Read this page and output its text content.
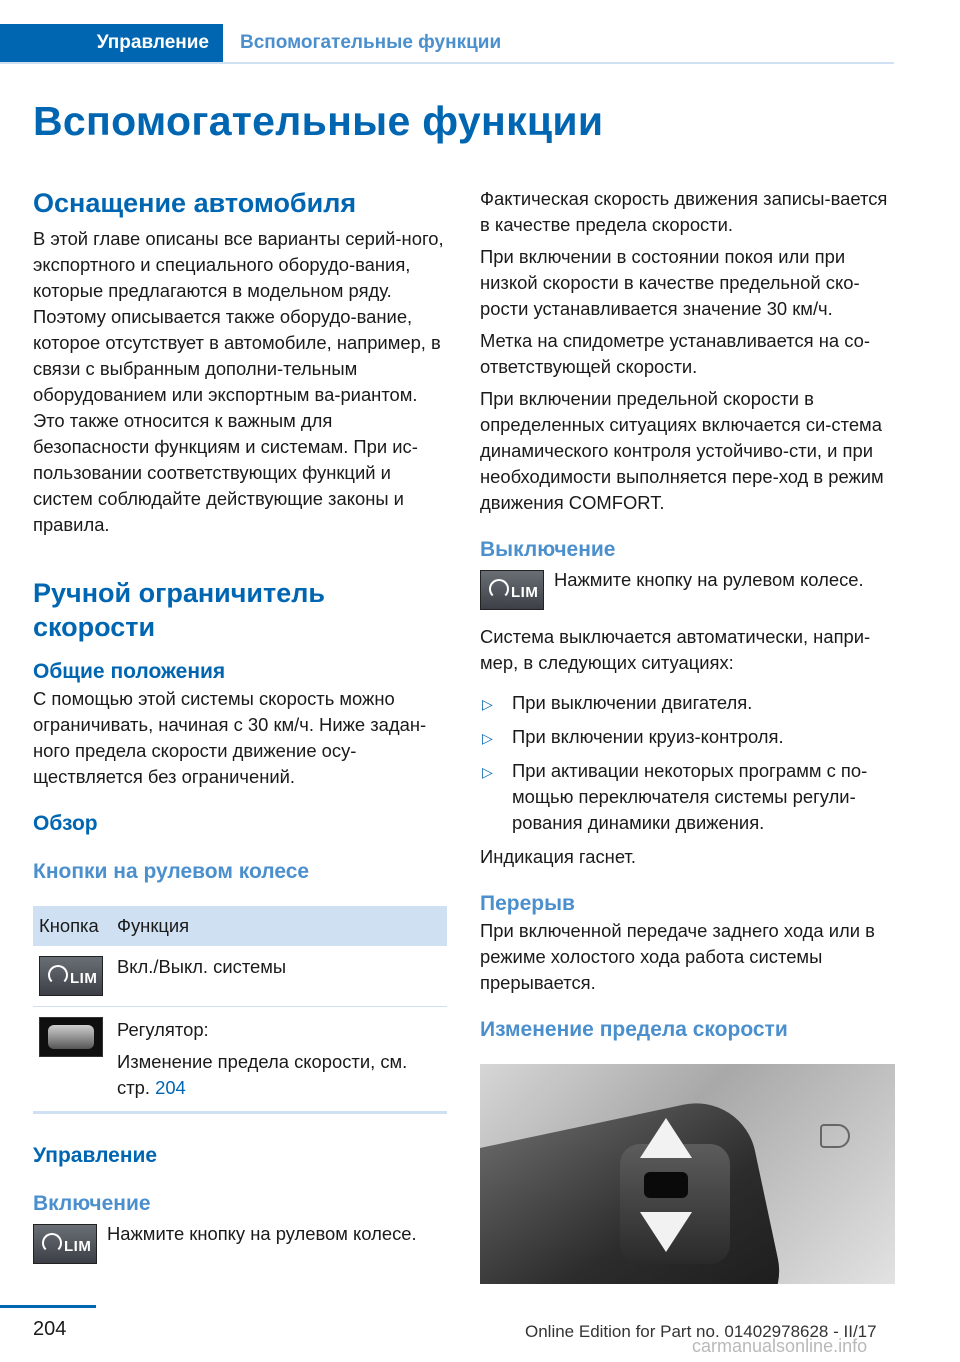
Управление	Вспомогательные функции
Вспомогательные функции
Оснащение автомобиля

В этой главе описаны все варианты серий-ного, экспортного и специального оборудо-вания, которые предлагаются в модельном ряду. Поэтому описывается также оборудо-вание, которое отсутствует в автомобиле, например, в связи с выбранным дополни-тельным оборудованием или экспортным ва-риантом. Это также относится к важным для безопасности функциям и системам. При ис-пользовании соответствующих функций и систем соблюдайте действующие законы и правила.

Ручной ограничитель скорости
Общие положения

С помощью этой системы скорость можно ограничивать, начиная с 30 км/ч. Ниже задан-ного предела скорости движение осу-ществляется без ограничений.

Обзор
Кнопки на рулевом колесе
Кнопка	Функция

LIM	Вкл./Выкл. системы

	Регулятор:

Изменение предела скорости, см. стр. 204

Управление
Включение
LIM

Нажмите кнопку на рулевом колесе.

Фактическая скорость движения записы-вается в качестве предела скорости.

При включении в состоянии покоя или при низкой скорости в качестве предельной ско-рости устанавливается значение 30 км/ч.

Метка на спидометре устанавливается на со-ответствующей скорости.

При включении предельной скорости в определенных ситуациях включается си-стема динамического контроля устойчиво-сти, и при необходимости выполняется пере-ход в режим движения COMFORT.

Выключение
LIM

Нажмите кнопку на рулевом колесе.

Система выключается автоматически, напри-мер, в следующих ситуациях:

▷ При выключении двигателя.
▷ При включении круиз-контроля.
▷ При активации некоторых программ с по-мощью переключателя системы регули-рования динамики движения.

Индикация гаснет.

Перерыв

При включенной передаче заднего хода или в режиме холостого хода работа системы прерывается.

Изменение предела скорости
204	Online Edition for Part no. 01402978628 - II/17
carmanualsonline.info
